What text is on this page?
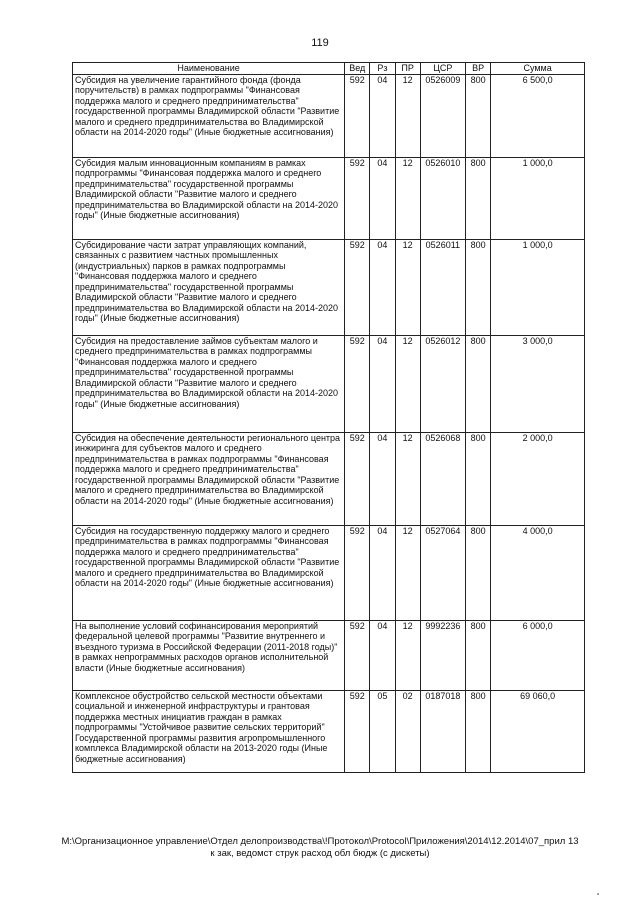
119
Наименование	Вед	Рз	ПР	ЦСР	ВР	Сумма
Субсидия на увеличение гарантийного фонда (фонда поручительств) в рамках подпрограммы "Финансовая поддержка малого и среднего предпринимательства" государственной программы Владимирской области "Развитие малого и среднего предпринимательства во Владимирской области на 2014-2020 годы" (Иные бюджетные ассигнования)	592	04	12	0526009	800	6 500,0
Субсидия малым инновационным компаниям в рамках подпрограммы "Финансовая поддержка малого и среднего предпринимательства" государственной программы Владимирской области "Развитие малого и среднего предпринимательства во Владимирской области на 2014-2020 годы" (Иные бюджетные ассигнования)	592	04	12	0526010	800	1 000,0
Субсидирование части затрат управляющих компаний, связанных с развитием частных промышленных (индустриальных) парков в рамках подпрограммы "Финансовая поддержка малого и среднего предпринимательства" государственной программы Владимирской области "Развитие малого и среднего предпринимательства во Владимирской области на 2014-2020 годы" (Иные бюджетные ассигнования)	592	04	12	0526011	800	1 000,0
Субсидия на предоставление займов субъектам малого и среднего предпринимательства в рамках подпрограммы "Финансовая поддержка малого и среднего предпринимательства" государственной программы Владимирской области "Развитие малого и среднего предпринимательства во Владимирской области на 2014-2020 годы" (Иные бюджетные ассигнования)	592	04	12	0526012	800	3 000,0
Субсидия на обеспечение деятельности регионального центра инжиринга для субъектов малого и среднего предпринимательства в рамках подпрограммы "Финансовая поддержка малого и среднего предпринимательства" государственной программы Владимирской области "Развитие малого и среднего предпринимательства во Владимирской области на 2014-2020 годы" (Иные бюджетные ассигнования)	592	04	12	0526068	800	2 000,0
Субсидия на государственную поддержку малого и среднего предпринимательства в рамках подпрограммы "Финансовая поддержка малого и среднего предпринимательства" государственной программы Владимирской области "Развитие малого и среднего предпринимательства во Владимирской области на 2014-2020 годы" (Иные бюджетные ассигнования)	592	04	12	0527064	800	4 000,0
На выполнение условий софинансирования мероприятий федеральной целевой программы "Развитие внутреннего и въездного туризма в Российской Федерации (2011-2018 годы)" в рамках непрограммных расходов органов исполнительной власти (Иные бюджетные ассигнования)	592	04	12	9992236	800	6 000,0
Комплексное обустройство сельской местности объектами социальной и инженерной инфраструктуры и грантовая поддержка местных инициатив граждан в рамках подпрограммы "Устойчивое развитие сельских территорий" Государственной программы развития агропромышленного комплекса Владимирской области на 2013-2020 годы (Иные бюджетные ассигнования)	592	05	02	0187018	800	69 060,0
M:\Организационное управление\Отдел делопроизводства\!Протокол\Protocol\Приложения\2014\12.2014\07_прил 13
к зак, ведомст струк расход обл бюдж (с дискеты)
